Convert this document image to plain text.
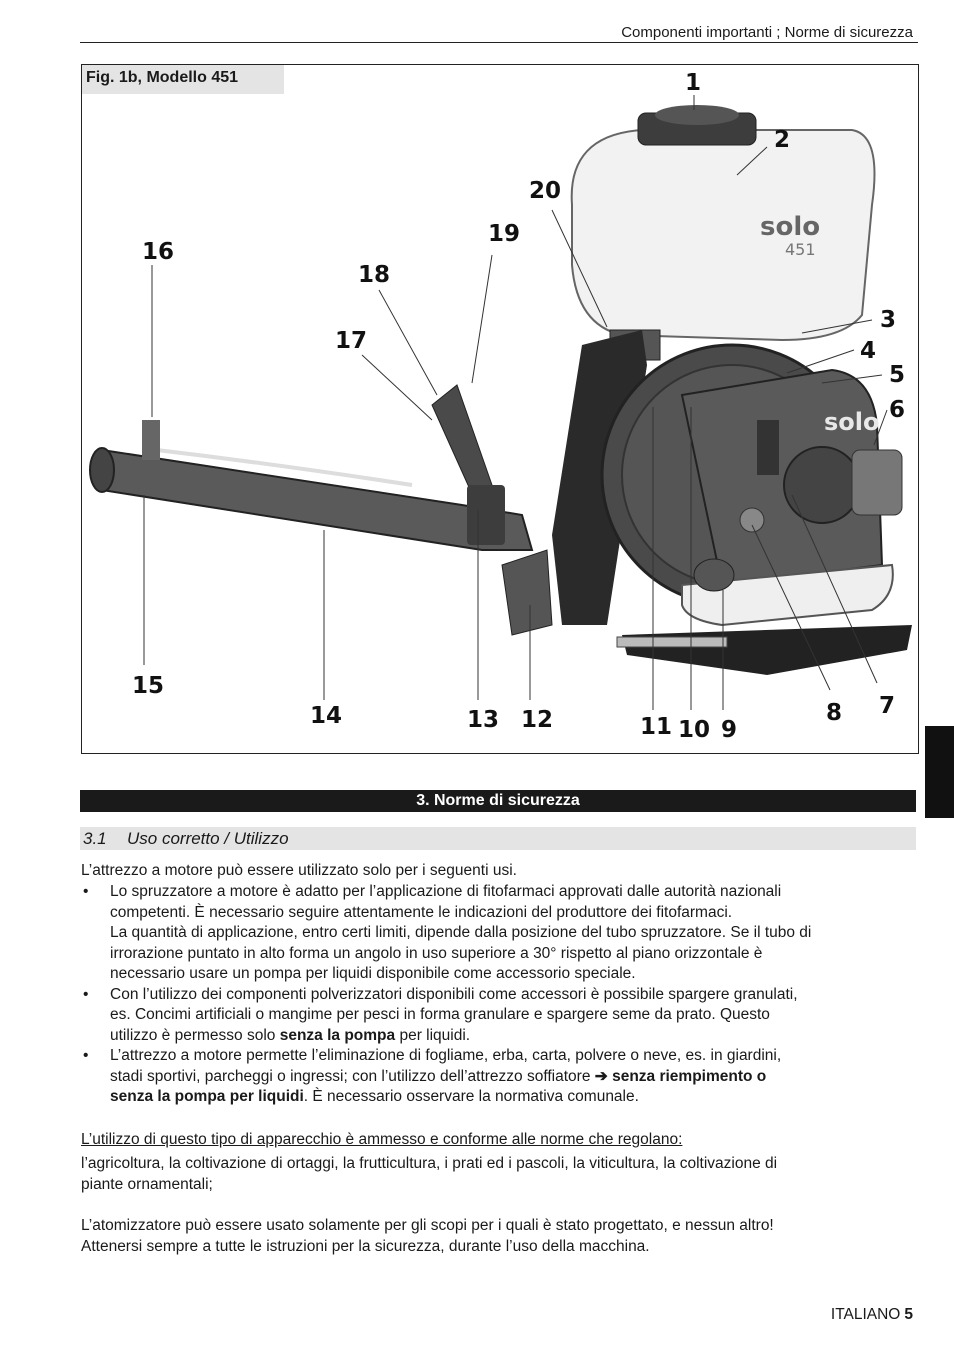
Componenti importanti ; Norme di sicurezza
solo
451
solo
1
2
3
4
5
6
7
8
9
10
11
12
13
14
15
16
17
18
19
20
Fig. 1b, Modello 451
3. Norme di sicurezza
3.1 Uso corretto / Utilizzo
L’attrezzo a motore può essere utilizzato solo per i seguenti usi.
• Lo spruzzatore a motore è adatto per l’applicazione di fitofarmaci approvati dalle autorità nazionali
competenti. È necessario seguire attentamente le indicazioni del produttore dei fitofarmaci.
La quantità di applicazione, entro certi limiti, dipende dalla posizione del tubo spruzzatore. Se il tubo di
irrorazione puntato in alto forma un angolo in uso superiore a 30° rispetto al piano orizzontale è
necessario usare un pompa per liquidi disponibile come accessorio speciale.
• Con l’utilizzo dei componenti polverizzatori disponibili come accessori è possibile spargere granulati,
es. Concimi artificiali o mangime per pesci in forma granulare e spargere seme da prato. Questo
utilizzo è permesso solo senza la pompa per liquidi.
• L’attrezzo a motore permette l’eliminazione di fogliame, erba, carta, polvere o neve, es. in giardini,
stadi sportivi, parcheggi o ingressi; con l’utilizzo dell’attrezzo soffiatore ➔ senza riempimento o
senza la pompa per liquidi. È necessario osservare la normativa comunale.
L’utilizzo di questo tipo di apparecchio è ammesso e conforme alle norme che regolano:
l’agricoltura, la coltivazione di ortaggi, la frutticultura, i prati ed i pascoli, la viticultura, la coltivazione di
piante ornamentali;
L’atomizzatore può essere usato solamente per gli scopi per i quali è stato progettato, e nessun altro!
Attenersi sempre a tutte le istruzioni per la sicurezza, durante l’uso della macchina.
ITALIANO 5
